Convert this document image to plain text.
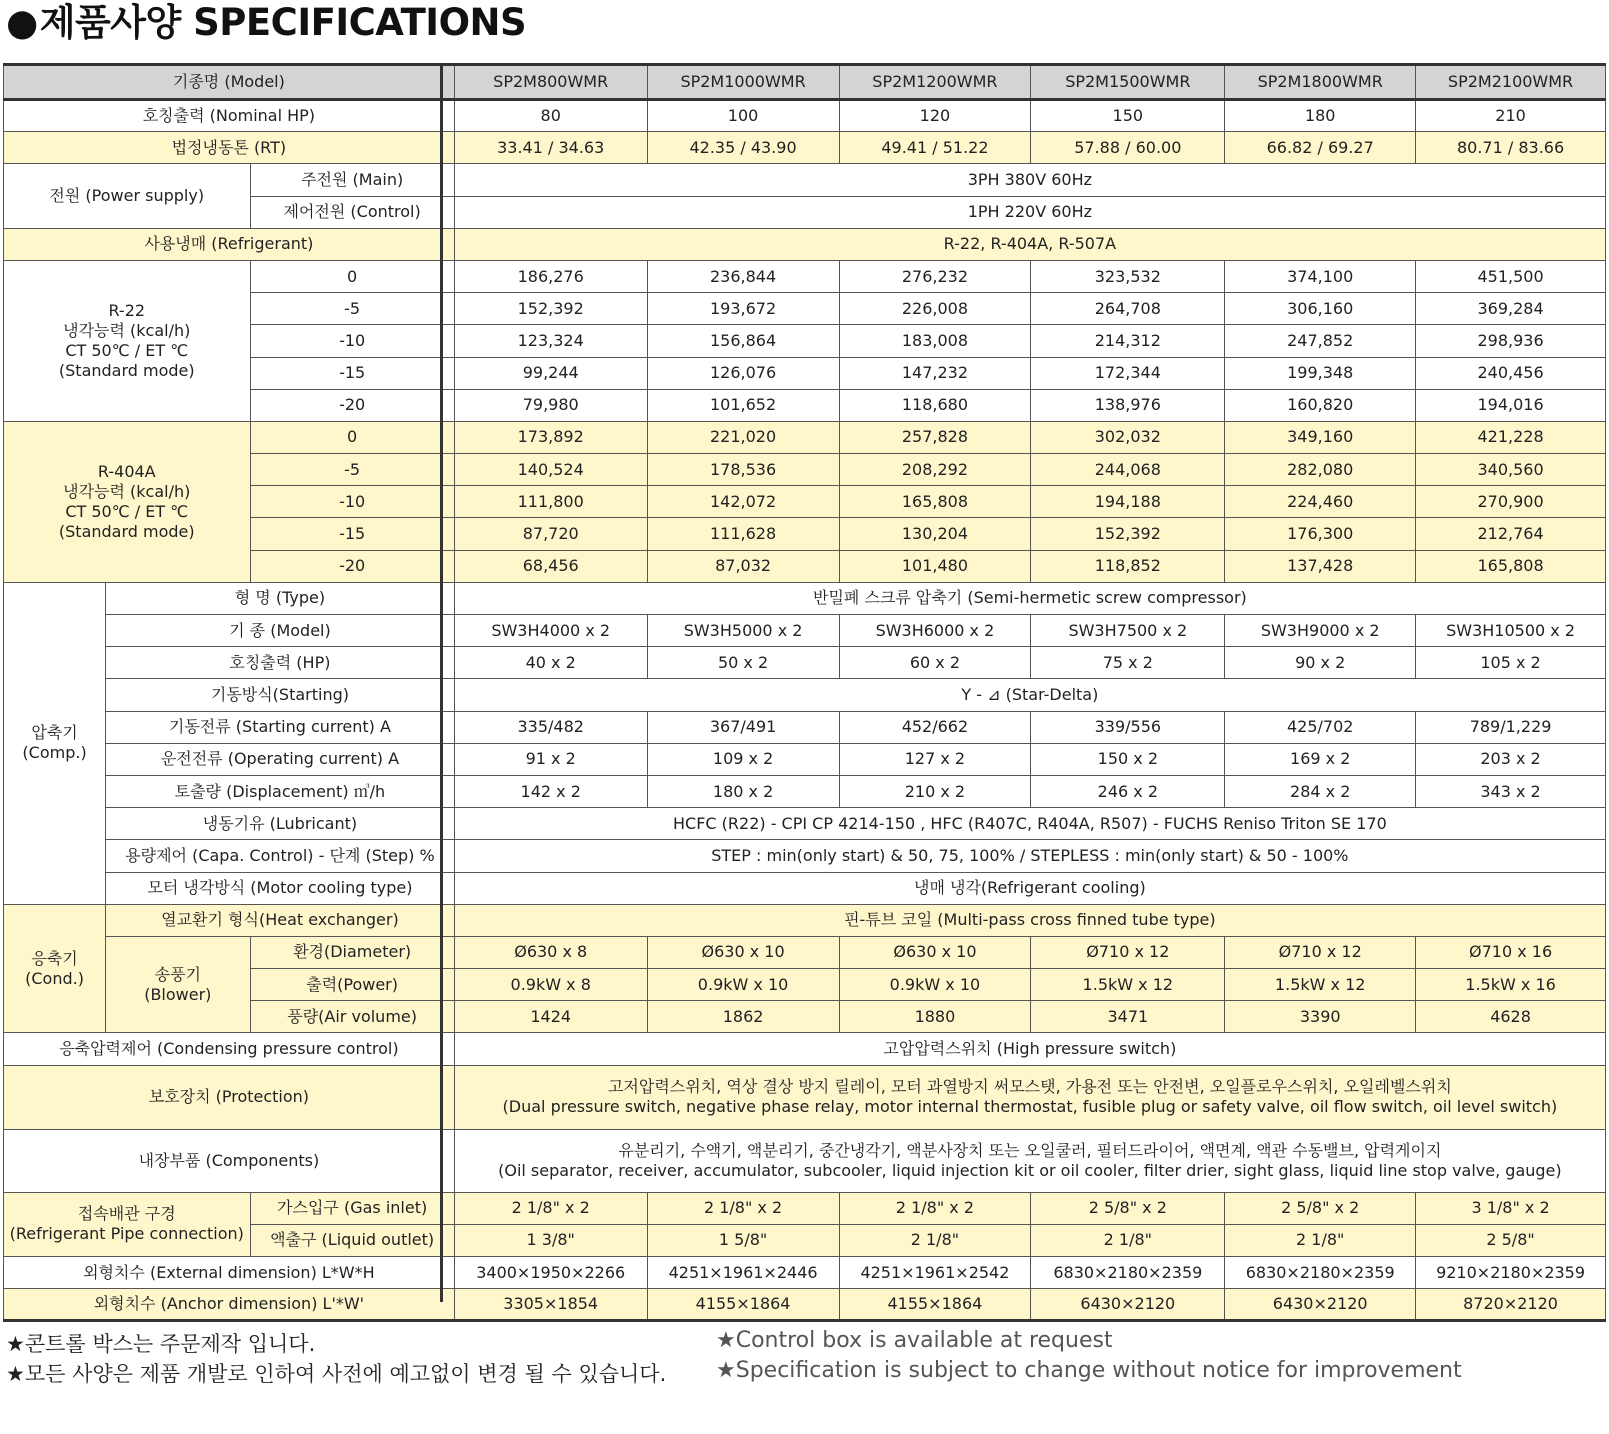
●제품사양 SPECIFICATIONS
기종명 (Model)			SP2M800WMR	SP2M1000WMR	SP2M1200WMR	SP2M1500WMR	SP2M1800WMR	SP2M2100WMR
호칭출력 (Nominal HP)			80	100	120	150	180	210
법정냉동톤 (RT)			33.41 / 34.63	42.35 / 43.90	49.41 / 51.22	57.88 / 60.00	66.82 / 69.27	80.71 / 83.66
전원 (Power supply)		주전원 (Main)	3PH 380V 60Hz					
		제어전원 (Control)	1PH 220V 60Hz					
사용냉매 (Refrigerant)			R-22, R-404A, R-507A					

R-22
냉각능력 (kcal/h)
CT 50℃ / ET ℃
(Standard mode)		0	186,276	236,844	276,232	323,532	374,100	451,500
		-5	152,392	193,672	226,008	264,708	306,160	369,284
		-10	123,324	156,864	183,008	214,312	247,852	298,936
		-15	99,244	126,076	147,232	172,344	199,348	240,456
		-20	79,980	101,652	118,680	138,976	160,820	194,016

R-404A
냉각능력 (kcal/h)
CT 50℃ / ET ℃
(Standard mode)		0	173,892	221,020	257,828	302,032	349,160	421,228
		-5	140,524	178,536	208,292	244,068	282,080	340,560
		-10	111,800	142,072	165,808	194,188	224,460	270,900
		-15	87,720	111,628	130,204	152,392	176,300	212,764
		-20	68,456	87,032	101,480	118,852	137,428	165,808

압축기
(Comp.)	형 명 (Type)		반밀폐 스크류 압축기 (Semi-hermetic screw compressor)					
	기 종 (Model)		SW3H4000 x 2	SW3H5000 x 2	SW3H6000 x 2	SW3H7500 x 2	SW3H9000 x 2	SW3H10500 x 2
	호칭출력 (HP)		40 x 2	50 x 2	60 x 2	75 x 2	90 x 2	105 x 2
	기동방식(Starting)		Y - ⊿ (Star-Delta)					
	기동전류 (Starting current) A		335/482	367/491	452/662	339/556	425/702	789/1,229
	운전전류 (Operating current) A		91 x 2	109 x 2	127 x 2	150 x 2	169 x 2	203 x 2
	토출량 (Displacement) ㎥/h		142 x 2	180 x 2	210 x 2	246 x 2	284 x 2	343 x 2
	냉동기유 (Lubricant)		HCFC (R22) - CPI CP 4214-150 , HFC (R407C, R404A, R507) - FUCHS Reniso Triton SE 170					
	용량제어 (Capa. Control) - 단계 (Step) %		STEP : min(only start) & 50, 75, 100% / STEPLESS : min(only start) & 50 - 100%					
	모터 냉각방식 (Motor cooling type)		냉매 냉각(Refrigerant cooling)					

응축기
(Cond.)	열교환기 형식(Heat exchanger)		핀-튜브 코일 (Multi-pass cross finned tube type)					

	송풍기
(Blower)	환경(Diameter)	Ø630 x 8	Ø630 x 10	Ø630 x 10	Ø710 x 12	Ø710 x 12	Ø710 x 16
		출력(Power)	0.9kW x 8	0.9kW x 10	0.9kW x 10	1.5kW x 12	1.5kW x 12	1.5kW x 16
		풍량(Air volume)	1424	1862	1880	3471	3390	4628
응축압력제어 (Condensing pressure control)			고압압력스위치 (High pressure switch)					
보호장치 (Protection)			고저압력스위치, 역상 결상 방지 릴레이, 모터 과열방지 써모스탯, 가용전 또는 안전변, 오일플로우스위치, 오일레벨스위치
(Dual pressure switch, negative phase relay, motor internal thermostat, fusible plug or safety valve, oil flow switch, oil level switch)					

내장부품 (Components)			유분리기, 수액기, 액분리기, 중간냉각기, 액분사장치 또는 오일쿨러, 필터드라이어, 액면계, 액관 수동밸브, 압력게이지
(Oil separator, receiver, accumulator, subcooler, liquid injection kit or oil cooler, filter drier, sight glass, liquid line stop valve, gauge)					

접속배관 구경
(Refrigerant Pipe connection)		가스입구 (Gas inlet)	2 1/8" x 2	2 1/8" x 2	2 1/8" x 2	2 5/8" x 2	2 5/8" x 2	3 1/8" x 2
		액출구 (Liquid outlet)	1 3/8"	1 5/8"	2 1/8"	2 1/8"	2 1/8"	2 5/8"
외형치수 (External dimension) L*W*H			3400×1950×2266	4251×1961×2446	4251×1961×2542	6830×2180×2359	6830×2180×2359	9210×2180×2359
외형치수 (Anchor dimension) L'*W'			3305×1854	4155×1864	4155×1864	6430×2120	6430×2120	8720×2120
★콘트롤 박스는 주문제작 입니다.
★모든 사양은 제품 개발로 인하여 사전에 예고없이 변경 될 수 있습니다.
★Control box is available at request
★Specification is subject to change without notice for improvement
